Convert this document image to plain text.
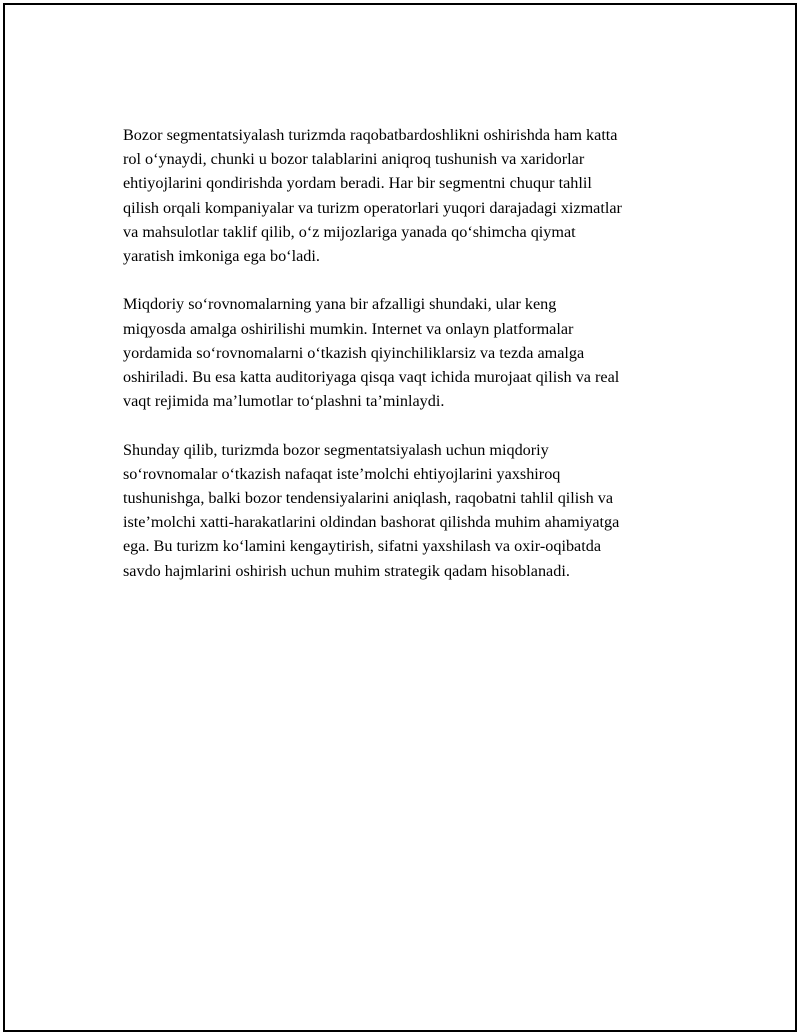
Bozor segmentatsiyalash turizmda raqobatbardoshlikni oshirishda ham katta
rol o‘ynaydi, chunki u bozor talablarini aniqroq tushunish va xaridorlar
ehtiyojlarini qondirishda yordam beradi. Har bir segmentni chuqur tahlil
qilish orqali kompaniyalar va turizm operatorlari yuqori darajadagi xizmatlar
va mahsulotlar taklif qilib, o‘z mijozlariga yanada qo‘shimcha qiymat
yaratish imkoniga ega bo‘ladi.

Miqdoriy so‘rovnomalarning yana bir afzalligi shundaki, ular keng
miqyosda amalga oshirilishi mumkin. Internet va onlayn platformalar
yordamida so‘rovnomalarni o‘tkazish qiyinchiliklarsiz va tezda amalga
oshiriladi. Bu esa katta auditoriyaga qisqa vaqt ichida murojaat qilish va real
vaqt rejimida ma’lumotlar to‘plashni ta’minlaydi.

Shunday qilib, turizmda bozor segmentatsiyalash uchun miqdoriy
so‘rovnomalar o‘tkazish nafaqat iste’molchi ehtiyojlarini yaxshiroq
tushunishga, balki bozor tendensiyalarini aniqlash, raqobatni tahlil qilish va
iste’molchi xatti-harakatlarini oldindan bashorat qilishda muhim ahamiyatga
ega. Bu turizm ko‘lamini kengaytirish, sifatni yaxshilash va oxir-oqibatda
savdo hajmlarini oshirish uchun muhim strategik qadam hisoblanadi.
